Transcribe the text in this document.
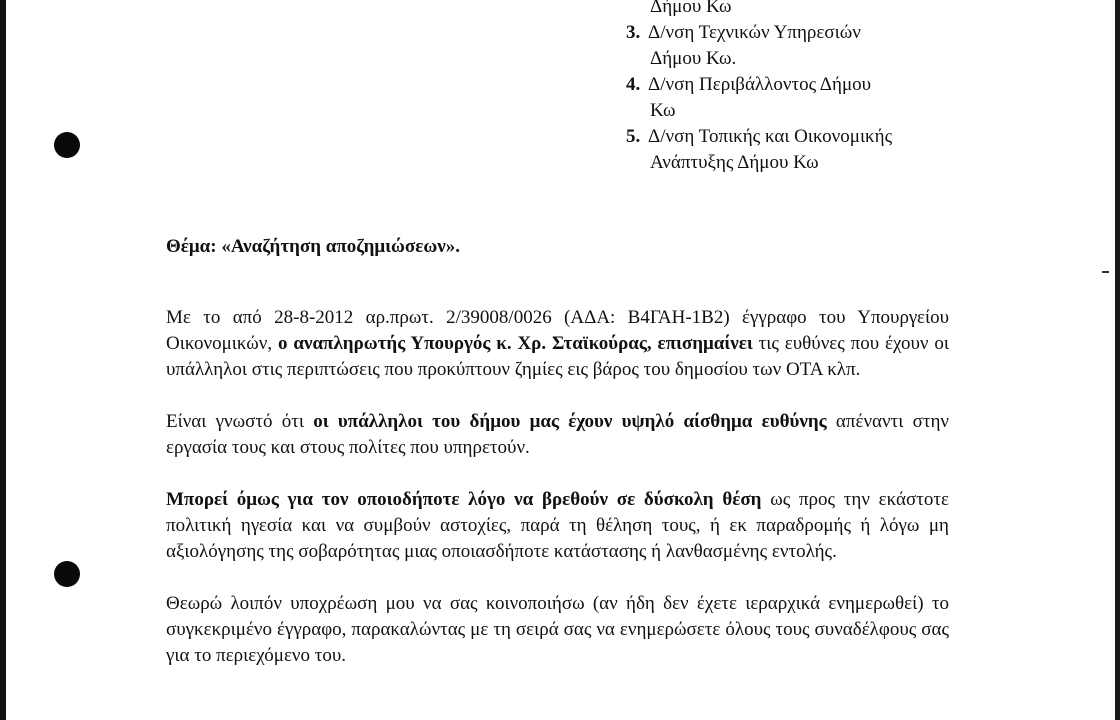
Δήμου Κω
3. Δ/νση Τεχνικών Υπηρεσιών
Δήμου Κω.
4. Δ/νση Περιβάλλοντος Δήμου
Κω
5. Δ/νση Τοπικής και Οικονομικής
Ανάπτυξης Δήμου Κω
Θέμα: «Αναζήτηση αποζημιώσεων».

Με το από 28-8-2012 αρ.πρωτ. 2/39008/0026 (ΑΔΑ: Β4ΓΑΗ-1Β2) έγγραφο του Υπουργείου Οικονομικών, ο αναπληρωτής Υπουργός κ. Χρ. Σταϊκούρας, επισημαίνει τις ευθύνες που έχουν οι υπάλληλοι στις περιπτώσεις που προκύπτουν ζημίες εις βάρος του δημοσίου των ΟΤΑ κλπ.

Είναι γνωστό ότι οι υπάλληλοι του δήμου μας έχουν υψηλό αίσθημα ευθύνης απέναντι στην εργασία τους και στους πολίτες που υπηρετούν.

Μπορεί όμως για τον οποιοδήποτε λόγο να βρεθούν σε δύσκολη θέση ως προς την εκάστοτε πολιτική ηγεσία και να συμβούν αστοχίες, παρά τη θέληση τους, ή εκ παραδρομής ή λόγω μη αξιολόγησης της σοβαρότητας μιας οποιασδήποτε κατάστασης ή λανθασμένης εντολής.

Θεωρώ λοιπόν υποχρέωση μου να σας κοινοποιήσω (αν ήδη δεν έχετε ιεραρχικά ενημερωθεί) το συγκεκριμένο έγγραφο, παρακαλώντας με τη σειρά σας να ενημερώσετε όλους τους συναδέλφους σας για το περιεχόμενο του.
